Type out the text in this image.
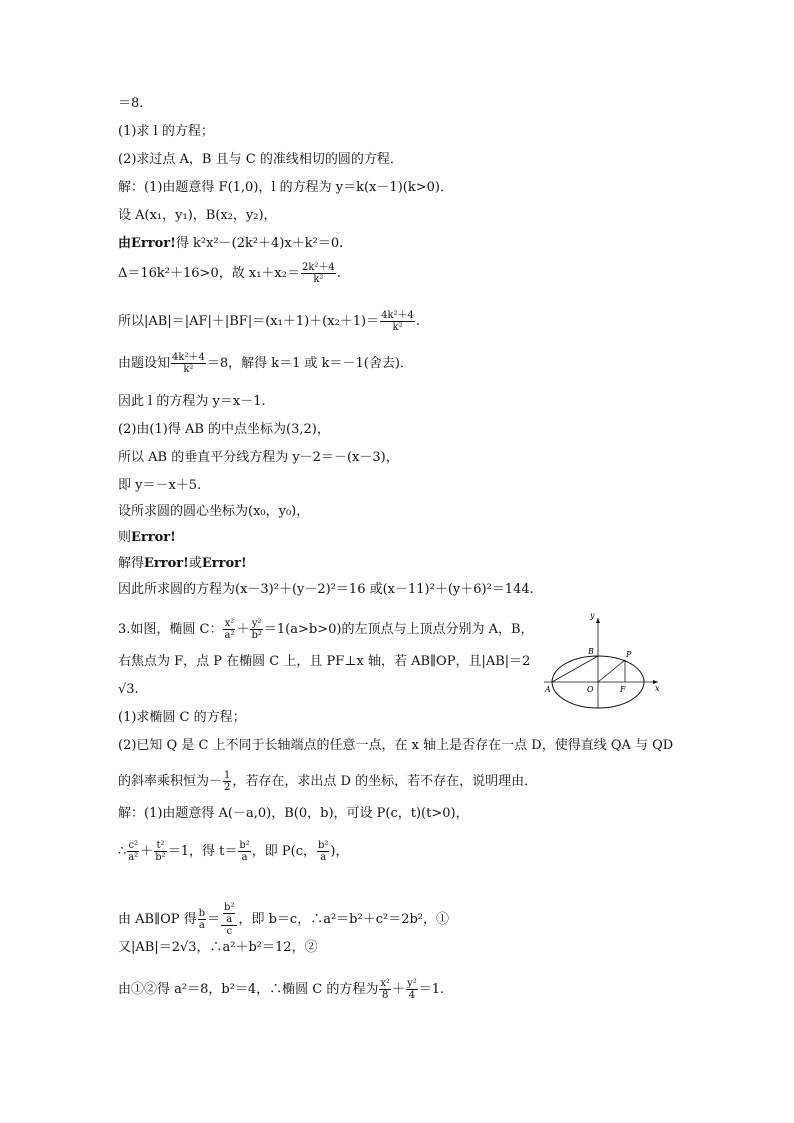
＝8.
(1)求 l 的方程；
(2)求过点 A，B 且与 C 的准线相切的圆的方程．
解：(1)由题意得 F(1,0)，l 的方程为 y＝k(x－1)(k>0)．
设 A(x₁，y₁)，B(x₂，y₂)，
由Error!得 k²x²－(2k²＋4)x＋k²＝0.
Δ＝16k²＋16>0，故 $x_1+x_2= \frac{\text{2k²＋4}}{\text{k²}}$ .
所以$|AB|=|AF|+|BF|=(x_1+1)+(x_2+1)= \frac{\text{4k²＋4}}{\text{k²}}$ .
由题设知 $\frac{\text{4k²＋4}}{\text{k²}} =8$，解得 k＝1 或 k＝－1(舍去)．
因此 l 的方程为 y＝x－1.
(2)由(1)得 AB 的中点坐标为(3,2)，
所以 AB 的垂直平分线方程为 y－2＝－(x－3)，
即 y＝－x＋5.
设所求圆的圆心坐标为(x₀，y₀)，
则Error!
解得Error!或Error!
因此所求圆的方程为(x－3)²＋(y－2)²＝16 或(x－11)²＋(y＋6)²＝144.
3.如图，椭圆 C： $\frac{\text{x²}}{\text{a²}} + \frac{\text{y²}}{\text{b²}} =1(a>b>0)$的左顶点与上顶点分别为 A，B，
右焦点为 F，点 P 在椭圆 C 上，且 PF⊥x 轴，若 AB∥OP，且|AB|＝2
√3.
(1)求椭圆 C 的方程；
(2)已知 Q 是 C 上不同于长轴端点的任意一点，在 x 轴上是否存在一点 D，使得直线 QA 与 QD
的斜率乘积恒为－ $\frac{1}{2}$ ，若存在，求出点 D 的坐标，若不存在，说明理由．
解：(1)由题意得 A(－a,0)，B(0，b)，可设 P(c，t)(t>0)，
∴ $\frac{\text{c²}}{\text{a²}} + \frac{\text{t²}}{\text{b²}} =1$，得 $t= \frac{\text{b²}}{a}$ ，即 P(c， $\frac{\text{b²}}{a}$ )，
由 AB∥OP 得 $\frac{b}{a} = \frac{\frac{\text{b²}}{a}}{c}$ ，即 b＝c，∴a²＝b²＋c²＝2b²，①
又|AB|＝2√3，∴a²＋b²＝12，②
由①②得 a²＝8，b²＝4，∴椭圆 C 的方程为 $\frac{\text{x²}}{8} + \frac{\text{y²}}{4} =1$.
y
x
B	P
A	O	F
